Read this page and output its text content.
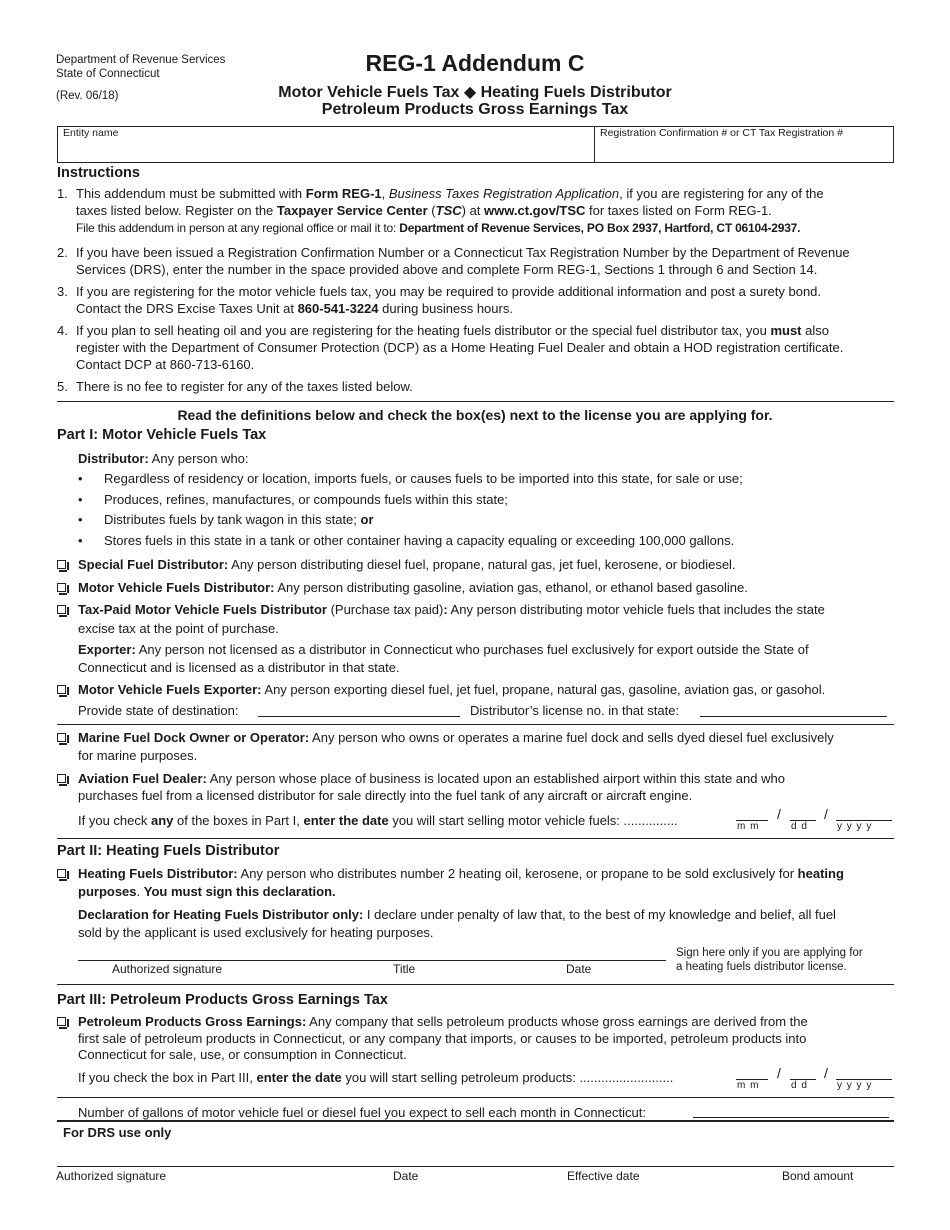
Department of Revenue Services
State of Connecticut
(Rev. 06/18)
REG-1 Addendum C
Motor Vehicle Fuels Tax ◆ Heating Fuels Distributor
Petroleum Products Gross Earnings Tax
Entity name	Registration Confirmation # or CT Tax Registration #
Instructions
1. This addendum must be submitted with Form REG-1, Business Taxes Registration Application, if you are registering for any of the
taxes listed below. Register on the Taxpayer Service Center (TSC) at www.ct.gov/TSC for taxes listed on Form REG-1.
File this addendum in person at any regional office or mail it to: Department of Revenue Services, PO Box 2937, Hartford, CT 06104-2937.
2. If you have been issued a Registration Confirmation Number or a Connecticut Tax Registration Number by the Department of Revenue
Services (DRS), enter the number in the space provided above and complete Form REG-1, Sections 1 through 6 and Section 14.
3. If you are registering for the motor vehicle fuels tax, you may be required to provide additional information and post a surety bond.
Contact the DRS Excise Taxes Unit at 860-541-3224 during business hours.
4. If you plan to sell heating oil and you are registering for the heating fuels distributor or the special fuel distributor tax, you must also
register with the Department of Consumer Protection (DCP) as a Home Heating Fuel Dealer and obtain a HOD registration certificate.
Contact DCP at 860-713-6160.
5. There is no fee to register for any of the taxes listed below.
Read the definitions below and check the box(es) next to the license you are applying for.
Part I: Motor Vehicle Fuels Tax
Distributor: Any person who:
• Regardless of residency or location, imports fuels, or causes fuels to be imported into this state, for sale or use;
• Produces, refines, manufactures, or compounds fuels within this state;
• Distributes fuels by tank wagon in this state; or
• Stores fuels in this state in a tank or other container having a capacity equaling or exceeding 100,000 gallons.
Special Fuel Distributor: Any person distributing diesel fuel, propane, natural gas, jet fuel, kerosene, or biodiesel.
Motor Vehicle Fuels Distributor: Any person distributing gasoline, aviation gas, ethanol, or ethanol based gasoline.
Tax-Paid Motor Vehicle Fuels Distributor (Purchase tax paid): Any person distributing motor vehicle fuels that includes the state
excise tax at the point of purchase.
Exporter: Any person not licensed as a distributor in Connecticut who purchases fuel exclusively for export outside the State of
Connecticut and is licensed as a distributor in that state.
Motor Vehicle Fuels Exporter: Any person exporting diesel fuel, jet fuel, propane, natural gas, gasoline, aviation gas, or gasohol.
Provide state of destination:	Distributor’s license no. in that state:
Marine Fuel Dock Owner or Operator: Any person who owns or operates a marine fuel dock and sells dyed diesel fuel exclusively
for marine purposes.
Aviation Fuel Dealer: Any person whose place of business is located upon an established airport within this state and who
purchases fuel from a licensed distributor for sale directly into the fuel tank of any aircraft or aircraft engine.
If you check any of the boxes in Part I, enter the date you will start selling motor vehicle fuels: ...............	m m
/
d d
/
y y y y
Part II: Heating Fuels Distributor
Heating Fuels Distributor: Any person who distributes number 2 heating oil, kerosene, or propane to be sold exclusively for heating
purposes. You must sign this declaration.
Declaration for Heating Fuels Distributor only: I declare under penalty of law that, to the best of my knowledge and belief, all fuel
sold by the applicant is used exclusively for heating purposes.
Authorized signature	Title	Date
Sign here only if you are applying for
a heating fuels distributor license.
Part III: Petroleum Products Gross Earnings Tax
Petroleum Products Gross Earnings: Any company that sells petroleum products whose gross earnings are derived from the
first sale of petroleum products in Connecticut, or any company that imports, or causes to be imported, petroleum products into
Connecticut for sale, use, or consumption in Connecticut.
If you check the box in Part III, enter the date you will start selling petroleum products: ..........................
m m
/
d d
/
y y y y
Number of gallons of motor vehicle fuel or diesel fuel you expect to sell each month in Connecticut:
For DRS use only
Authorized signature	Date	Effective date	Bond amount
